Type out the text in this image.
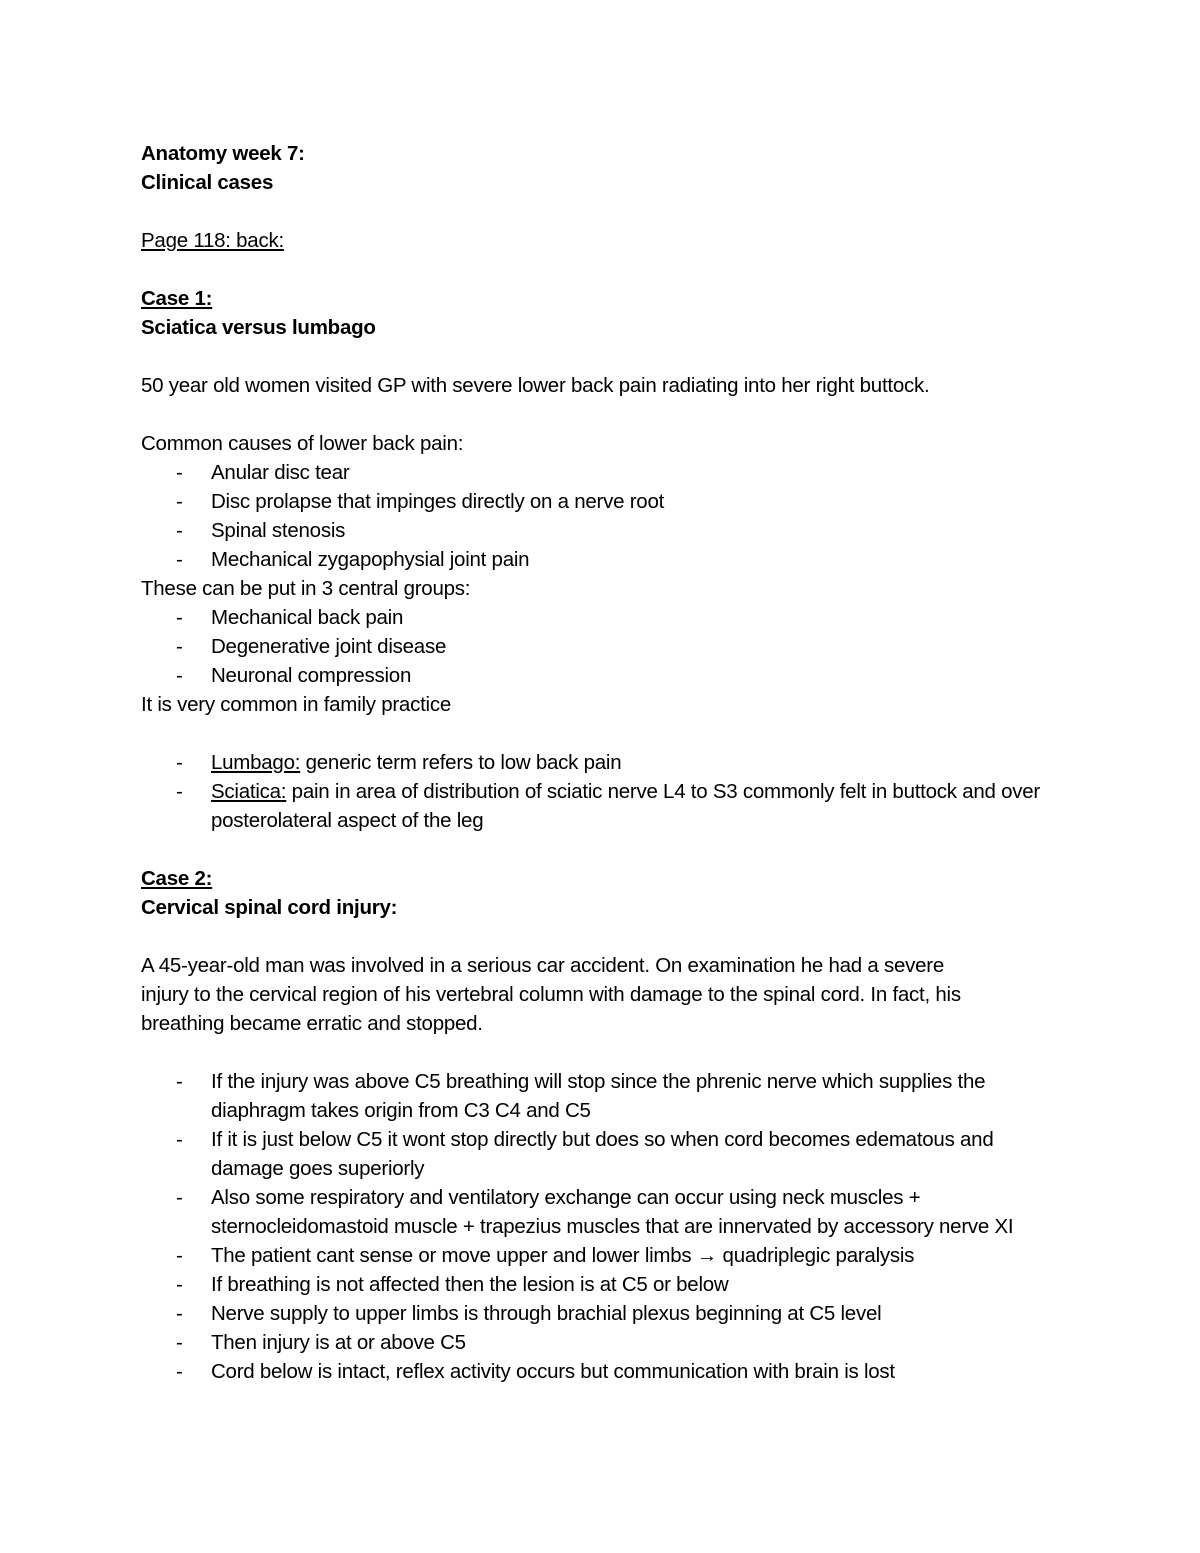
Anatomy week 7:
Clinical cases
Page 118: back:
Case 1:
Sciatica versus lumbago
50 year old women visited GP with severe lower back pain radiating into her right buttock.
Common causes of lower back pain:
- Anular disc tear
- Disc prolapse that impinges directly on a nerve root
- Spinal stenosis
- Mechanical zygapophysial joint pain
These can be put in 3 central groups:
- Mechanical back pain
- Degenerative joint disease
- Neuronal compression
It is very common in family practice
- Lumbago: generic term refers to low back pain
- Sciatica: pain in area of distribution of sciatic nerve L4 to S3 commonly felt in buttock and over posterolateral aspect of the leg
Case 2:
Cervical spinal cord injury:
A 45-year-old man was involved in a serious car accident. On examination he had a severe
injury to the cervical region of his vertebral column with damage to the spinal cord. In fact, his
breathing became erratic and stopped.
- If the injury was above C5 breathing will stop since the phrenic nerve which supplies the diaphragm takes origin from C3 C4 and C5
- If it is just below C5 it wont stop directly but does so when cord becomes edematous and damage goes superiorly
- Also some respiratory and ventilatory exchange can occur using neck muscles + sternocleidomastoid muscle + trapezius muscles that are innervated by accessory nerve XI
- The patient cant sense or move upper and lower limbs → quadriplegic paralysis
- If breathing is not affected then the lesion is at C5 or below
- Nerve supply to upper limbs is through brachial plexus beginning at C5 level
- Then injury is at or above C5
- Cord below is intact, reflex activity occurs but communication with brain is lost
